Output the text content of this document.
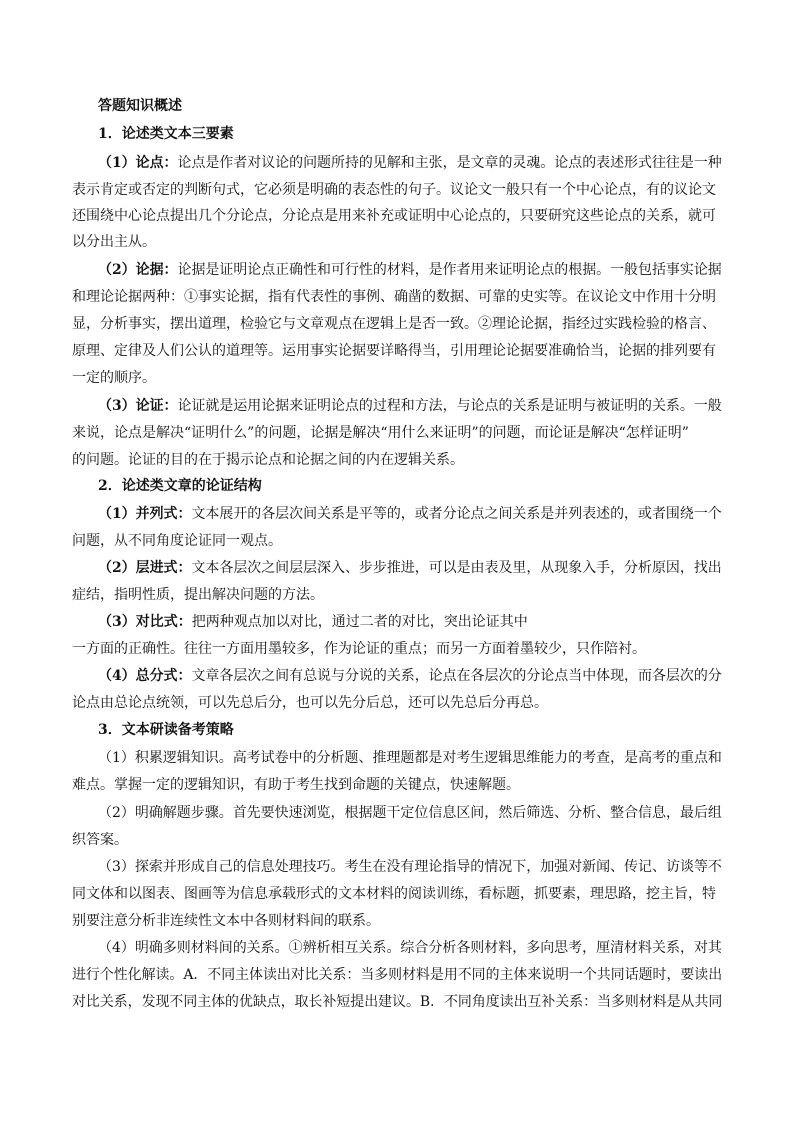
答题知识概述
1．论述类文本三要素
（1）论点：论点是作者对议论的问题所持的见解和主张，是文章的灵魂。论点的表述形式往往是一种
表示肯定或否定的判断句式，它必须是明确的表态性的句子。议论文一般只有一个中心论点，有的议论文
还围绕中心论点提出几个分论点，分论点是用来补充或证明中心论点的，只要研究这些论点的关系，就可
以分出主从。
（2）论据：论据是证明论点正确性和可行性的材料，是作者用来证明论点的根据。一般包括事实论据
和理论论据两种：①事实论据，指有代表性的事例、确凿的数据、可靠的史实等。在议论文中作用十分明
显，分析事实，摆出道理，检验它与文章观点在逻辑上是否一致。②理论论据，指经过实践检验的格言、
原理、定律及人们公认的道理等。运用事实论据要详略得当，引用理论论据要准确恰当，论据的排列要有
一定的顺序。
（3）论证：论证就是运用论据来证明论点的过程和方法，与论点的关系是证明与被证明的关系。一般
来说，论点是解决“证明什么”的问题，论据是解决“用什么来证明”的问题，而论证是解决“怎样证明”
的问题。论证的目的在于揭示论点和论据之间的内在逻辑关系。
2．论述类文章的论证结构
（1）并列式：文本展开的各层次间关系是平等的，或者分论点之间关系是并列表述的，或者围绕一个
问题，从不同角度论证同一观点。
（2）层进式：文本各层次之间层层深入、步步推进，可以是由表及里，从现象入手，分析原因，找出
症结，指明性质，提出解决问题的方法。
（3）对比式：把两种观点加以对比，通过二者的对比，突出论证其中
一方面的正确性。往往一方面用墨较多，作为论证的重点；而另一方面着墨较少，只作陪衬。
（4）总分式：文章各层次之间有总说与分说的关系，论点在各层次的分论点当中体现，而各层次的分
论点由总论点统领，可以先总后分，也可以先分后总，还可以先总后分再总。
3．文本研读备考策略
（1）积累逻辑知识。高考试卷中的分析题、推理题都是对考生逻辑思维能力的考查，是高考的重点和
难点。掌握一定的逻辑知识，有助于考生找到命题的关键点，快速解题。
（2）明确解题步骤。首先要快速浏览，根据题干定位信息区间，然后筛选、分析、整合信息，最后组
织答案。
（3）探索并形成自己的信息处理技巧。考生在没有理论指导的情况下，加强对新闻、传记、访谈等不
同文体和以图表、图画等为信息承载形式的文本材料的阅读训练，看标题，抓要素，理思路，挖主旨，特
别要注意分析非连续性文本中各则材料间的联系。
（4）明确多则材料间的关系。①辨析相互关系。综合分析各则材料，多向思考，厘清材料关系，对其
进行个性化解读。A．不同主体读出对比关系：当多则材料是用不同的主体来说明一个共同话题时，要读出
对比关系，发现不同主体的优缺点，取长补短提出建议。B．不同角度读出互补关系：当多则材料是从共同
